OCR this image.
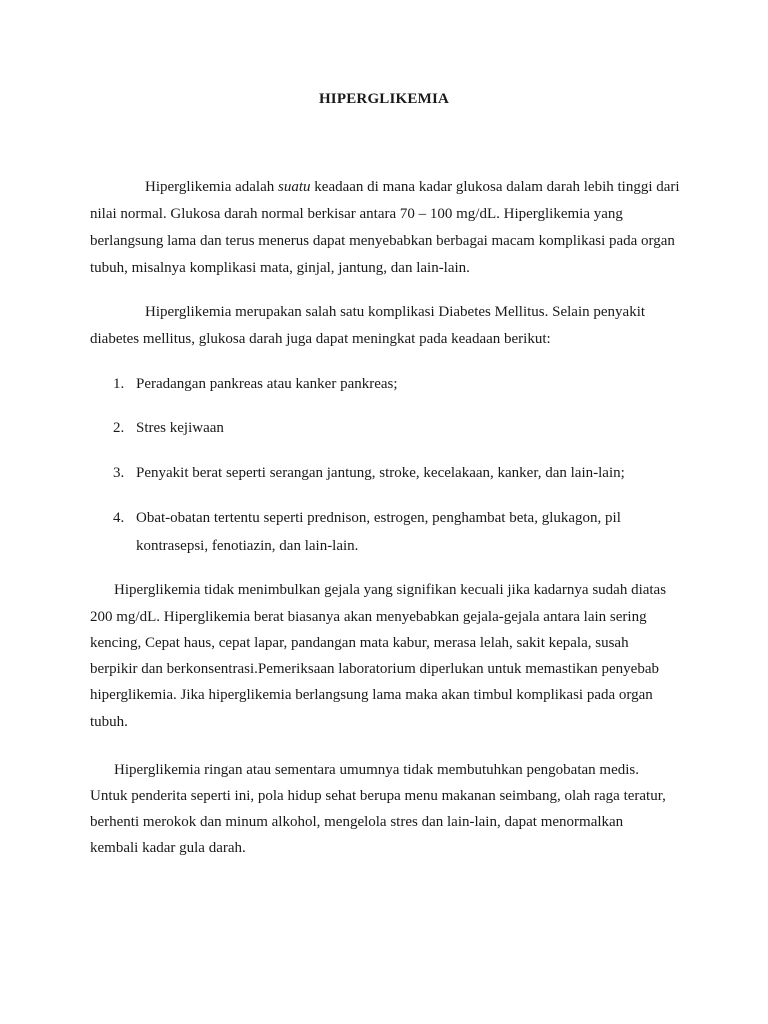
HIPERGLIKEMIA
Hiperglikemia adalah suatu keadaan di mana kadar glukosa dalam darah lebih tinggi dari
nilai normal. Glukosa darah normal berkisar antara 70 – 100 mg/dL. Hiperglikemia yang
berlangsung lama dan terus menerus dapat menyebabkan berbagai macam komplikasi pada organ
tubuh, misalnya komplikasi mata, ginjal, jantung, dan lain-lain.
Hiperglikemia merupakan salah satu komplikasi Diabetes Mellitus. Selain penyakit
diabetes mellitus, glukosa darah juga dapat meningkat pada keadaan berikut:
1. Peradangan pankreas atau kanker pankreas;
2. Stres kejiwaan
3. Penyakit berat seperti serangan jantung, stroke, kecelakaan, kanker, dan lain-lain;
4. Obat-obatan tertentu seperti prednison, estrogen, penghambat beta, glukagon, pil
kontrasepsi, fenotiazin, dan lain-lain.
Hiperglikemia tidak menimbulkan gejala yang signifikan kecuali jika kadarnya sudah diatas
200 mg/dL. Hiperglikemia berat biasanya akan menyebabkan gejala-gejala antara lain sering
kencing, Cepat haus, cepat lapar, pandangan mata kabur, merasa lelah, sakit kepala, susah
berpikir dan berkonsentrasi.Pemeriksaan laboratorium diperlukan untuk memastikan penyebab
hiperglikemia. Jika hiperglikemia berlangsung lama maka akan timbul komplikasi pada organ
tubuh.
Hiperglikemia ringan atau sementara umumnya tidak membutuhkan pengobatan medis.
Untuk penderita seperti ini, pola hidup sehat berupa menu makanan seimbang, olah raga teratur,
berhenti merokok dan minum alkohol, mengelola stres dan lain-lain, dapat menormalkan
kembali kadar gula darah.
